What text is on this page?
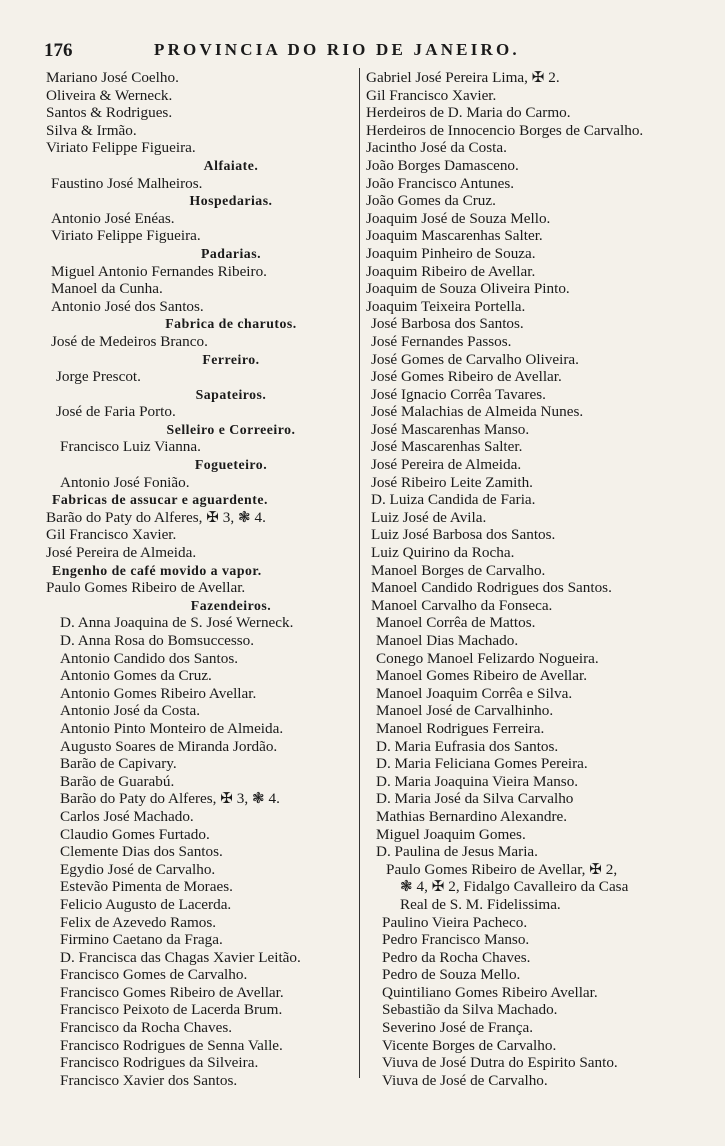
176	PROVINCIA DO RIO DE JANEIRO.
Mariano José Coelho.
Oliveira & Werneck.
Santos & Rodrigues.
Silva & Irmão.
Viriato Felippe Figueira.
Alfaiate.
Faustino José Malheiros.
Hospedarias.
Antonio José Enéas.
Viriato Felippe Figueira.
Padarias.
Miguel Antonio Fernandes Ribeiro.
Manoel da Cunha.
Antonio José dos Santos.
Fabrica de charutos.
José de Medeiros Branco.
Ferreiro.
Jorge Prescot.
Sapateiros.
José de Faria Porto.
Selleiro e Correeiro.
Francisco Luiz Vianna.
Fogueteiro.
Antonio José Fonião.
Fabricas de assucar e aguardente.
Barão do Paty do Alferes, ✠ 3, ❃ 4.
Gil Francisco Xavier.
José Pereira de Almeida.
Engenho de café movido a vapor.
Paulo Gomes Ribeiro de Avellar.
Fazendeiros.
D. Anna Joaquina de S. José Werneck.
D. Anna Rosa do Bomsuccesso.
Antonio Candido dos Santos.
Antonio Gomes da Cruz.
Antonio Gomes Ribeiro Avellar.
Antonio José da Costa.
Antonio Pinto Monteiro de Almeida.
Augusto Soares de Miranda Jordão.
Barão de Capivary.
Barão de Guarabú.
Barão do Paty do Alferes, ✠ 3, ❃ 4.
Carlos José Machado.
Claudio Gomes Furtado.
Clemente Dias dos Santos.
Egydio José de Carvalho.
Estevão Pimenta de Moraes.
Felicio Augusto de Lacerda.
Felix de Azevedo Ramos.
Firmino Caetano da Fraga.
D. Francisca das Chagas Xavier Leitão.
Francisco Gomes de Carvalho.
Francisco Gomes Ribeiro de Avellar.
Francisco Peixoto de Lacerda Brum.
Francisco da Rocha Chaves.
Francisco Rodrigues de Senna Valle.
Francisco Rodrigues da Silveira.
Francisco Xavier dos Santos.
Gabriel José Pereira Lima, ✠ 2.
Gil Francisco Xavier.
Herdeiros de D. Maria do Carmo.
Herdeiros de Innocencio Borges de Carvalho.
Jacintho José da Costa.
João Borges Damasceno.
João Francisco Antunes.
João Gomes da Cruz.
Joaquim José de Souza Mello.
Joaquim Mascarenhas Salter.
Joaquim Pinheiro de Souza.
Joaquim Ribeiro de Avellar.
Joaquim de Souza Oliveira Pinto.
Joaquim Teixeira Portella.
José Barbosa dos Santos.
José Fernandes Passos.
José Gomes de Carvalho Oliveira.
José Gomes Ribeiro de Avellar.
José Ignacio Corrêa Tavares.
José Malachias de Almeida Nunes.
José Mascarenhas Manso.
José Mascarenhas Salter.
José Pereira de Almeida.
José Ribeiro Leite Zamith.
D. Luiza Candida de Faria.
Luiz José de Avila.
Luiz José Barbosa dos Santos.
Luiz Quirino da Rocha.
Manoel Borges de Carvalho.
Manoel Candido Rodrigues dos Santos.
Manoel Carvalho da Fonseca.
Manoel Corrêa de Mattos.
Manoel Dias Machado.
Conego Manoel Felizardo Nogueira.
Manoel Gomes Ribeiro de Avellar.
Manoel Joaquim Corrêa e Silva.
Manoel José de Carvalhinho.
Manoel Rodrigues Ferreira.
D. Maria Eufrasia dos Santos.
D. Maria Feliciana Gomes Pereira.
D. Maria Joaquina Vieira Manso.
D. Maria José da Silva Carvalho
Mathias Bernardino Alexandre.
Miguel Joaquim Gomes.
D. Paulina de Jesus Maria.
Paulo Gomes Ribeiro de Avellar, ✠ 2,
❃ 4, ✠ 2, Fidalgo Cavalleiro da Casa
Real de S. M. Fidelissima.
Paulino Vieira Pacheco.
Pedro Francisco Manso.
Pedro da Rocha Chaves.
Pedro de Souza Mello.
Quintiliano Gomes Ribeiro Avellar.
Sebastião da Silva Machado.
Severino José de França.
Vicente Borges de Carvalho.
Viuva de José Dutra do Espirito Santo.
Viuva de José de Carvalho.
